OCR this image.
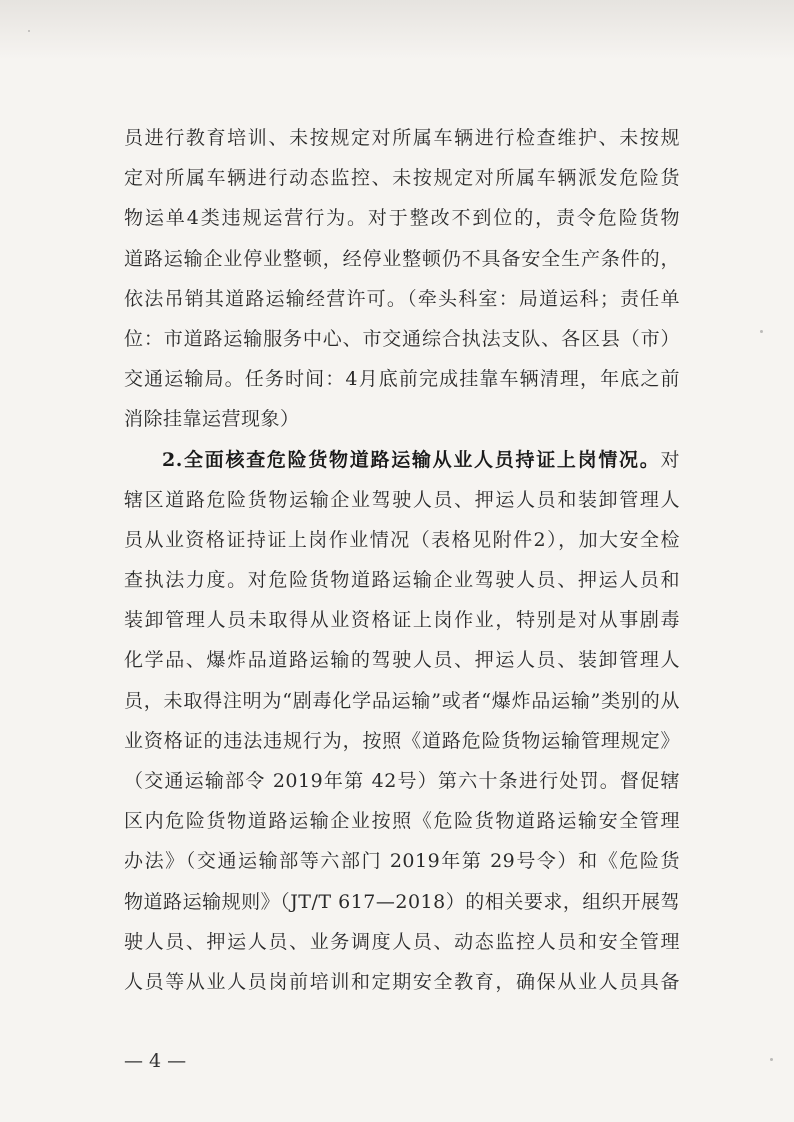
员进行教育培训、未按规定对所属车辆进行检查维护、未按规
定对所属车辆进行动态监控、未按规定对所属车辆派发危险货
物运单4类违规运营行为。对于整改不到位的，责令危险货物
道路运输企业停业整顿，经停业整顿仍不具备安全生产条件的，
依法吊销其道路运输经营许可。（牵头科室：局道运科；责任单
位：市道路运输服务中心、市交通综合执法支队、各区县（市）
交通运输局。任务时间：4月底前完成挂靠车辆清理，年底之前
消除挂靠运营现象）
2.全面核查危险货物道路运输从业人员持证上岗情况。对
辖区道路危险货物运输企业驾驶人员、押运人员和装卸管理人
员从业资格证持证上岗作业情况（表格见附件2），加大安全检
查执法力度。对危险货物道路运输企业驾驶人员、押运人员和
装卸管理人员未取得从业资格证上岗作业，特别是对从事剧毒
化学品、爆炸品道路运输的驾驶人员、押运人员、装卸管理人
员，未取得注明为“剧毒化学品运输”或者“爆炸品运输”类别的从
业资格证的违法违规行为，按照《道路危险货物运输管理规定》
（交通运输部令 2019年第 42号）第六十条进行处罚。督促辖
区内危险货物道路运输企业按照《危险货物道路运输安全管理
办法》（交通运输部等六部门 2019年第 29号令）和《危险货
物道路运输规则》（JT/T 617—2018）的相关要求，组织开展驾
驶人员、押运人员、业务调度人员、动态监控人员和安全管理
人员等从业人员岗前培训和定期安全教育，确保从业人员具备
— 4 —
